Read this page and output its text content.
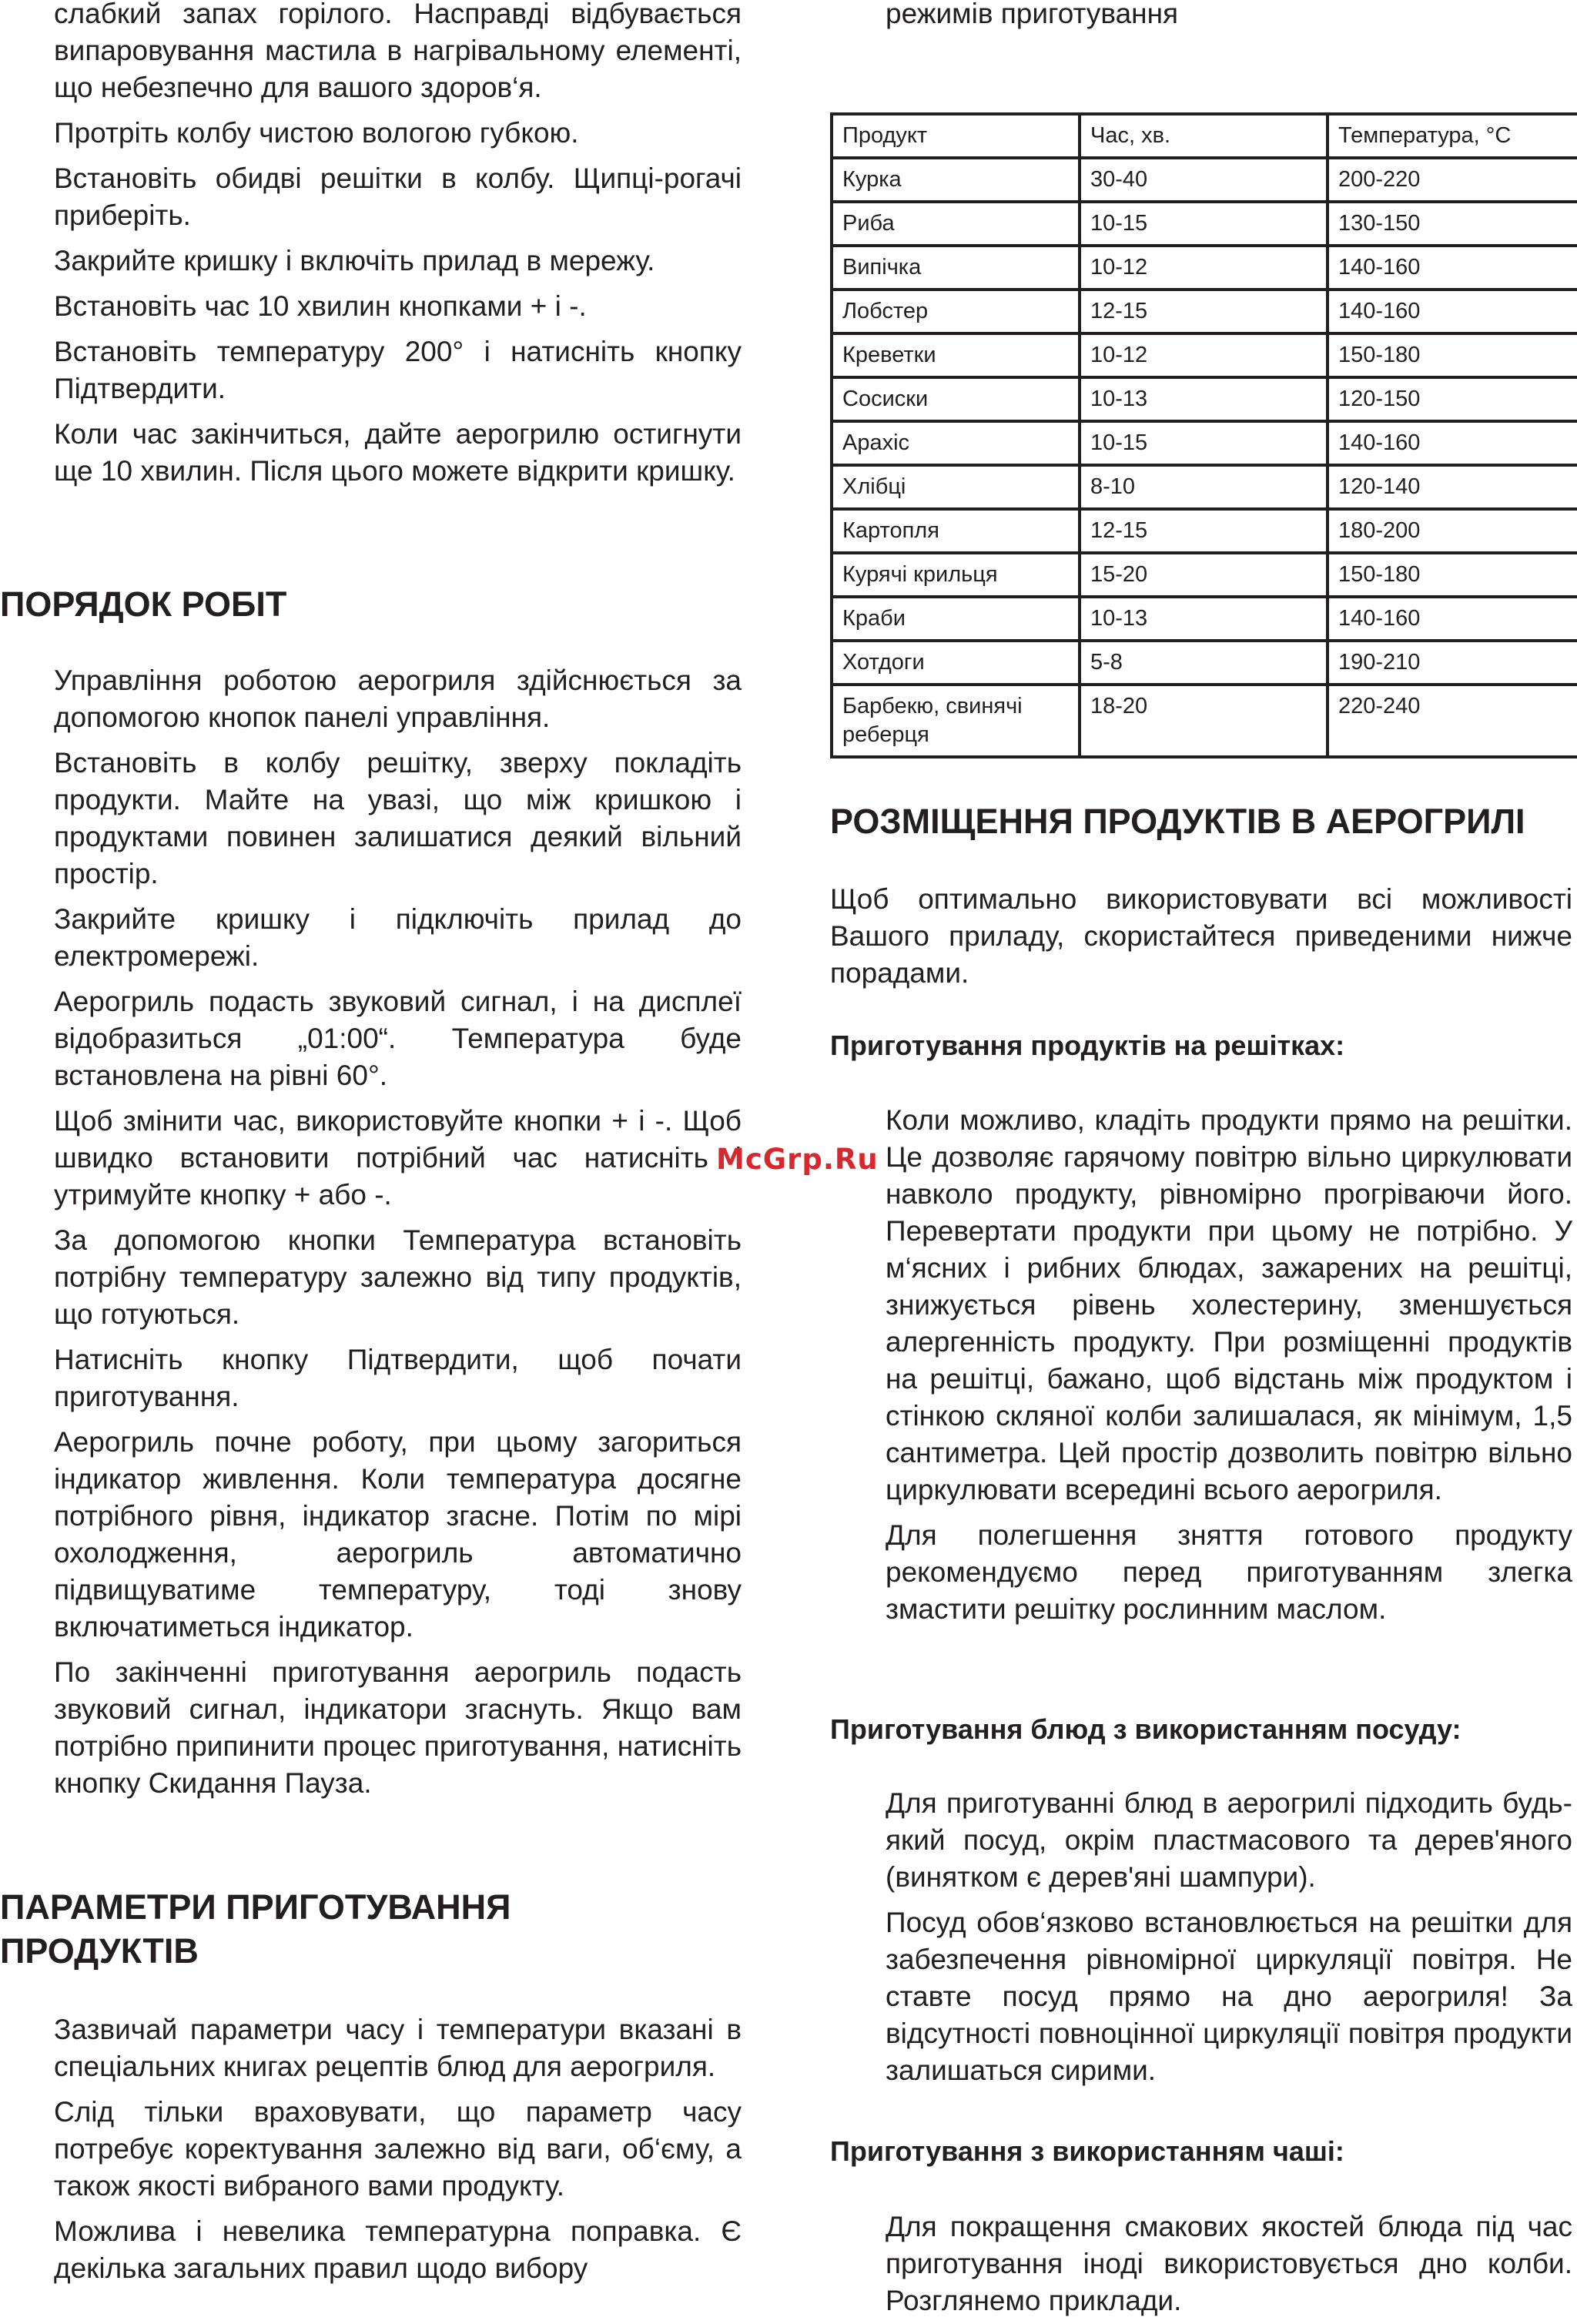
слабкий запах горілого. Насправді відбувається випаровування мастила в нагрівальному елементі, що небезпечно для вашого здоров‘я.

Протріть колбу чистою вологою губкою.

Встановіть обидві решітки в колбу. Щипці-рогачі приберіть.

Закрийте кришку і включіть прилад в мережу.

Встановіть час 10 хвилин кнопками + і -.

Встановіть температуру 200° і натисніть кнопку Підтвердити.

Коли час закінчиться, дайте аерогрилю остигнути ще 10 хвилин. Після цього можете відкрити кришку.

ПОРЯДОК РОБІТ

Управління роботою аерогриля здійснюється за допомогою кнопок панелі управління.

Встановіть в колбу решітку, зверху покладіть продукти. Майте на увазі, що між кришкою і продуктами повинен залишатися деякий вільний простір.

Закрийте кришку і підключіть прилад до електромережі.

Аерогриль подасть звуковий сигнал, і на дисплеї відобразиться „01:00“. Температура буде встановлена на рівні 60°.

Щоб змінити час, використовуйте кнопки + і -. Щоб швидко встановити потрібний час натисніть і утримуйте кнопку + або -.

За допомогою кнопки Температура встановіть потрібну температуру залежно від типу продуктів, що готуються.

Натисніть кнопку Підтвердити, щоб почати приготування.

Аерогриль почне роботу, при цьому загориться індикатор живлення. Коли температура досягне потрібного рівня, індикатор згасне. Потім по мірі охолодження, аерогриль автоматично підвищуватиме температуру, тоді знову включатиметься індикатор.

По закінченні приготування аерогриль подасть звуковий сигнал, індикатори згаснуть. Якщо вам потрібно припинити процес приготування, натисніть кнопку Скидання Пауза.

ПАРАМЕТРИ ПРИГОТУВАННЯ
ПРОДУКТІВ

Зазвичай параметри часу і температури вказані в спеціальних книгах рецептів блюд для аерогриля.

Слід тільки враховувати, що параметр часу потребує коректування залежно від ваги, об‘єму, а також якості вибраного вами продукту.

Можлива і невелика температурна поправка. Є декілька загальних правил щодо вибору

режимів приготування

Продукт	Час, хв.	Температура, °C
Курка	30-40	200-220
Риба	10-15	130-150
Випічка	10-12	140-160
Лобстер	12-15	140-160
Креветки	10-12	150-180
Сосиски	10-13	120-150
Арахіс	10-15	140-160
Хлібці	8-10	120-140
Картопля	12-15	180-200
Курячі крильця	15-20	150-180
Краби	10-13	140-160
Хотдоги	5-8	190-210
Барбекю, свинячі реберця	18-20	220-240
РОЗМІЩЕННЯ ПРОДУКТІВ В АЕРОГРИЛІ

Щоб оптимально використовувати всі можливості Вашого приладу, скористайтеся приведеними нижче порадами.

Приготування продуктів на решітках:

Коли можливо, кладіть продукти прямо на решітки. Це дозволяє гарячому повітрю вільно циркулювати навколо продукту, рівномірно прогріваючи його. Перевертати продукти при цьому не потрібно. У м‘ясних і рибних блюдах, зажарених на решітці, знижується рівень холестерину, зменшується алергенність продукту. При розміщенні продуктів на решітці, бажано, щоб відстань між продуктом і стінкою скляної колби залишалася, як мінімум, 1,5 сантиметра. Цей простір дозволить повітрю вільно циркулювати всередині всього аерогриля.

Для полегшення зняття готового продукту рекомендуємо перед приготуванням злегка змастити решітку рослинним маслом.

Приготування блюд з використанням посуду:

Для приготуванні блюд в аерогрилі підходить будь-який посуд, окрім пластмасового та дерев'яного (винятком є дерев'яні шампури).

Посуд обов‘язково встановлюється на решітки для забезпечення рівномірної циркуляції повітря. Не ставте посуд прямо на дно аерогриля! За відсутності повноцінної циркуляції повітря продукти залишаться сирими.

Приготування з використанням чаші:

Для покращення смакових якостей блюда під час приготування іноді використовується дно колби. Розглянемо приклади.

McGrp.Ru
